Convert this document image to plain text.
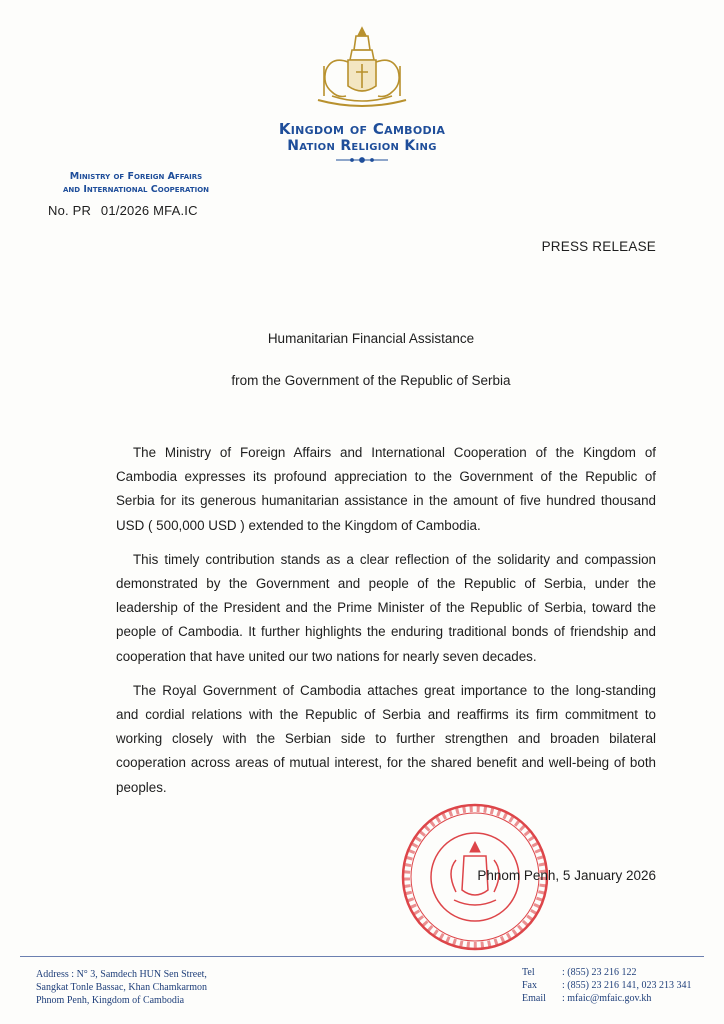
Kingdom of Cambodia
Nation Religion King
Ministry of Foreign Affairs
and International Cooperation
No. PR 01/2026 MFA.IC
PRESS RELEASE
Humanitarian Financial Assistance
from the Government of the Republic of Serbia

The Ministry of Foreign Affairs and International Cooperation of the Kingdom of Cambodia expresses its profound appreciation to the Government of the Republic of Serbia for its generous humanitarian assistance in the amount of five hundred thousand USD ( 500,000 USD ) extended to the Kingdom of Cambodia.

This timely contribution stands as a clear reflection of the solidarity and compassion demonstrated by the Government and people of the Republic of Serbia, under the leadership of the President and the Prime Minister of the Republic of Serbia, toward the people of Cambodia. It further highlights the enduring traditional bonds of friendship and cooperation that have united our two nations for nearly seven decades.

The Royal Government of Cambodia attaches great importance to the long-standing and cordial relations with the Republic of Serbia and reaffirms its firm commitment to working closely with the Serbian side to further strengthen and broaden bilateral cooperation across areas of mutual interest, for the shared benefit and well-being of both peoples.

Phnom Penh, 5 January 2026
Address : N° 3, Samdech HUN Sen Street,
Sangkat Tonle Bassac, Khan Chamkarmon
Phnom Penh, Kingdom of Cambodia
Tel	: (855) 23 216 122
Fax	: (855) 23 216 141, 023 213 341
Email : mfaic@mfaic.gov.kh
